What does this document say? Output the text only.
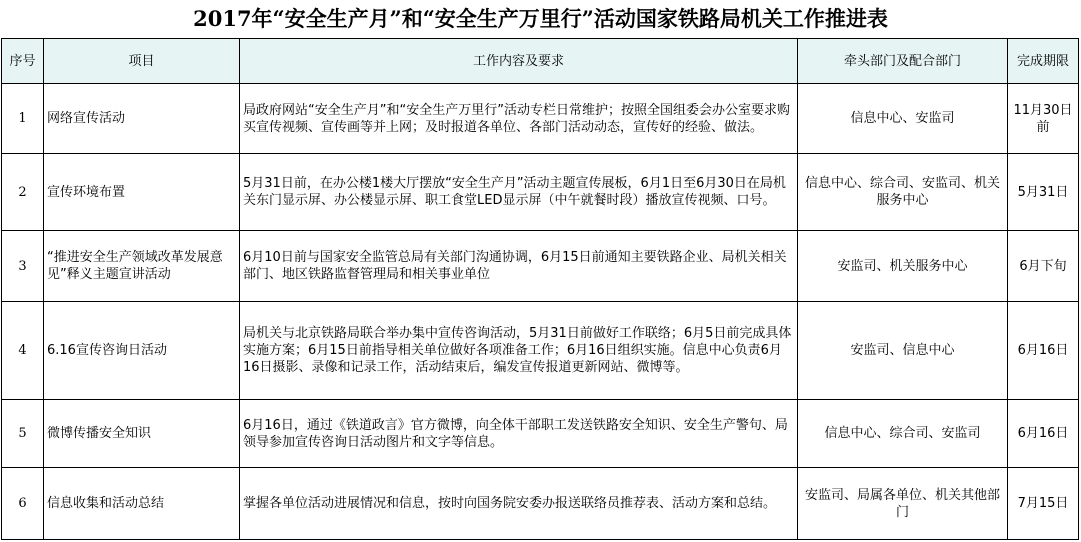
2017年“安全生产月”和“安全生产万里行”活动国家铁路局机关工作推进表
序号	项目	工作内容及要求	牵头部门及配合部门	完成期限
1	网络宣传活动	局政府网站“安全生产月”和“安全生产万里行”活动专栏日常维护；按照全国组委会办公室要求购买宣传视频、宣传画等并上网；及时报道各单位、各部门活动动态，宣传好的经验、做法。	信息中心、安监司	11月30日前
2	宣传环境布置	5月31日前，在办公楼1楼大厅摆放“安全生产月”活动主题宣传展板，6月1日至6月30日在局机关东门显示屏、办公楼显示屏、职工食堂LED显示屏（中午就餐时段）播放宣传视频、口号。	信息中心、综合司、安监司、机关服务中心	5月31日
3	“推进安全生产领域改革发展意见”释义主题宣讲活动	6月10日前与国家安全监管总局有关部门沟通协调，6月15日前通知主要铁路企业、局机关相关部门、地区铁路监督管理局和相关事业单位	安监司、机关服务中心	6月下旬
4	6.16宣传咨询日活动	局机关与北京铁路局联合举办集中宣传咨询活动，5月31日前做好工作联络；6月5日前完成具体实施方案；6月15日前指导相关单位做好各项准备工作；6月16日组织实施。信息中心负责6月16日摄影、录像和记录工作，活动结束后，编发宣传报道更新网站、微博等。	安监司、信息中心	6月16日
5	微博传播安全知识	6月16日，通过《铁道政言》官方微博，向全体干部职工发送铁路安全知识、安全生产警句、局领导参加宣传咨询日活动图片和文字等信息。	信息中心、综合司、安监司	6月16日
6	信息收集和活动总结	掌握各单位活动进展情况和信息，按时向国务院安委办报送联络员推荐表、活动方案和总结。	安监司、局属各单位、机关其他部门	7月15日
